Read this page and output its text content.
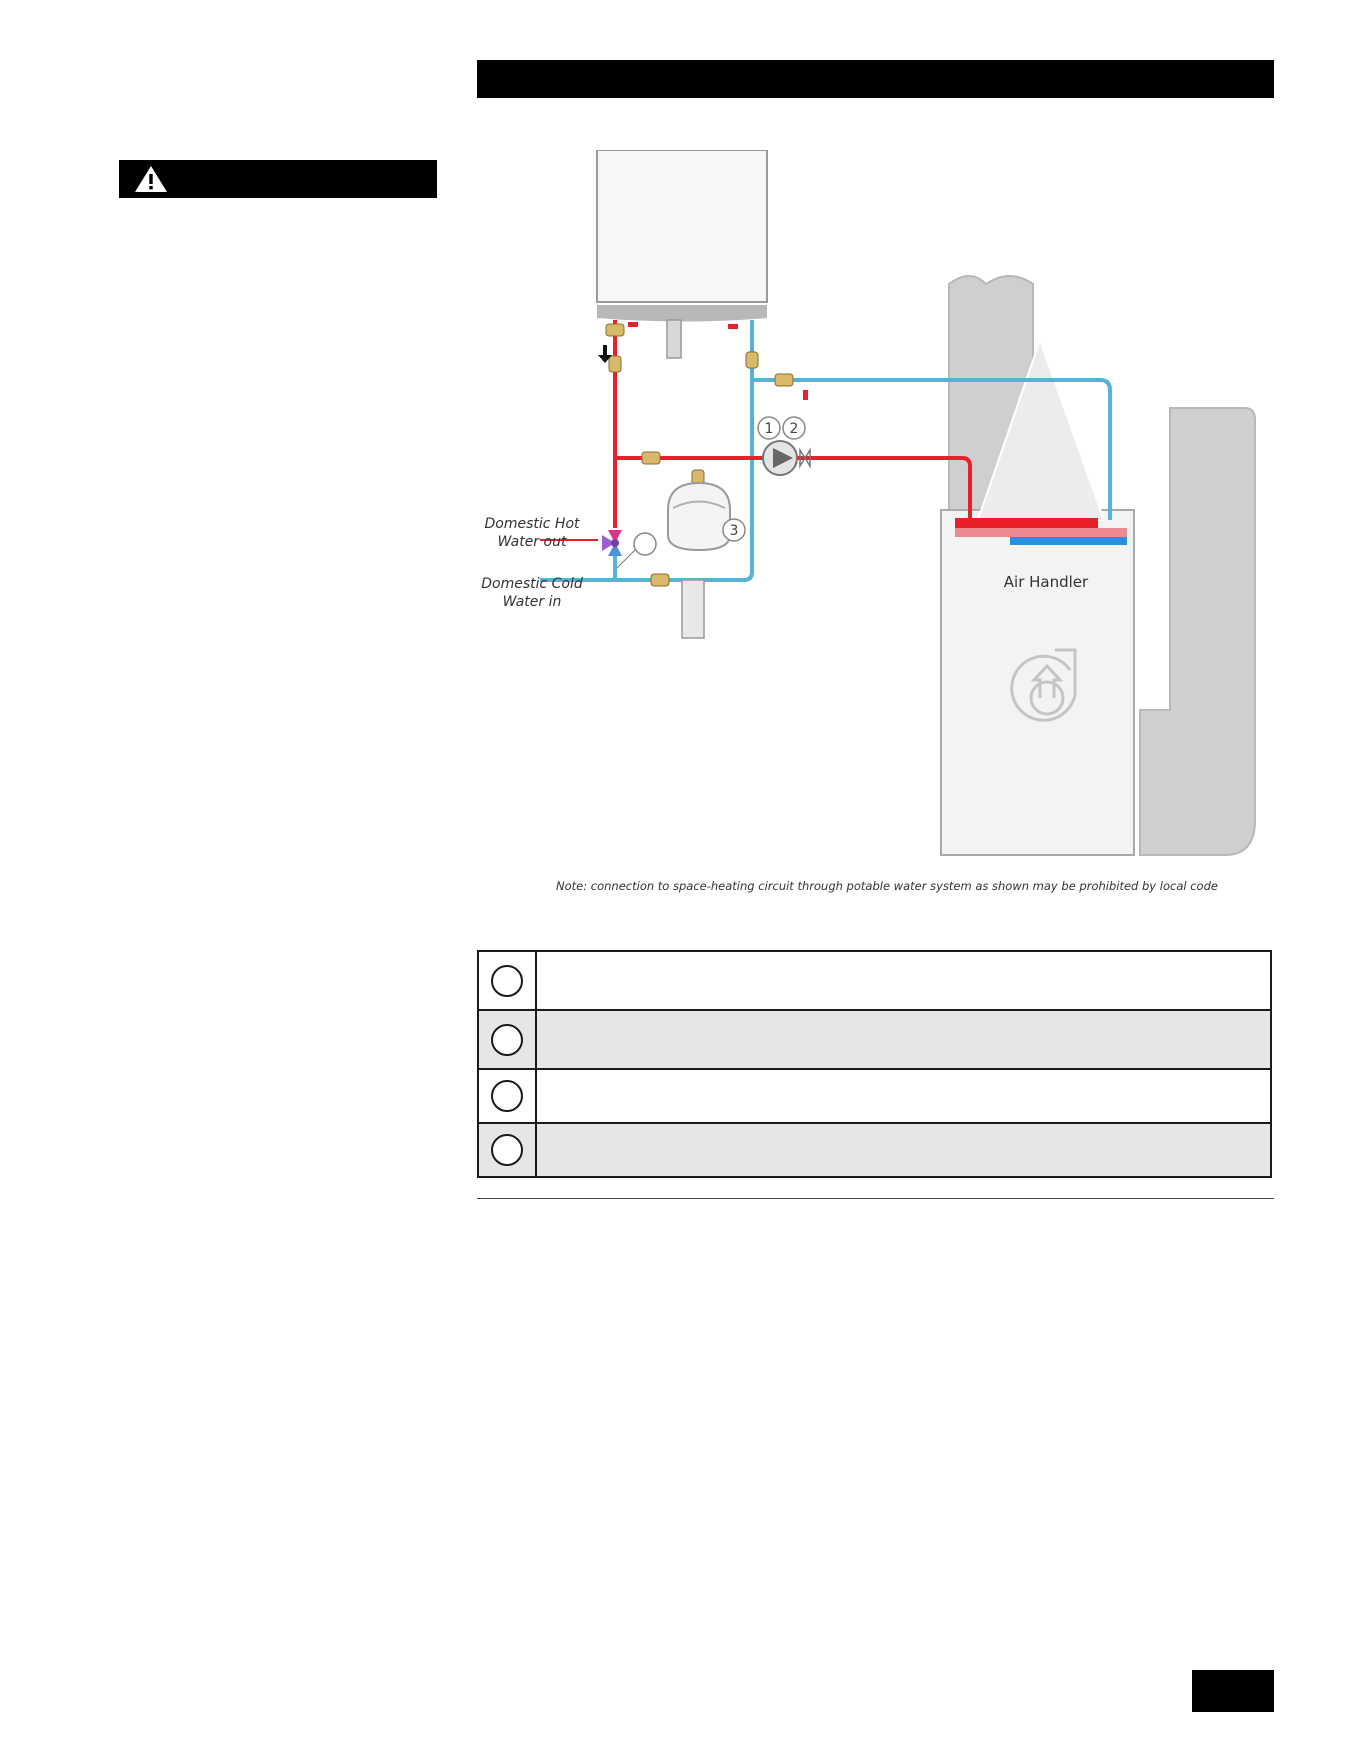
1 2
3
Domestic Hot
Water out
Domestic Cold
Water in
Air Handler
Note: connection to space-heating circuit through potable water system as shown may be prohibited by local code
